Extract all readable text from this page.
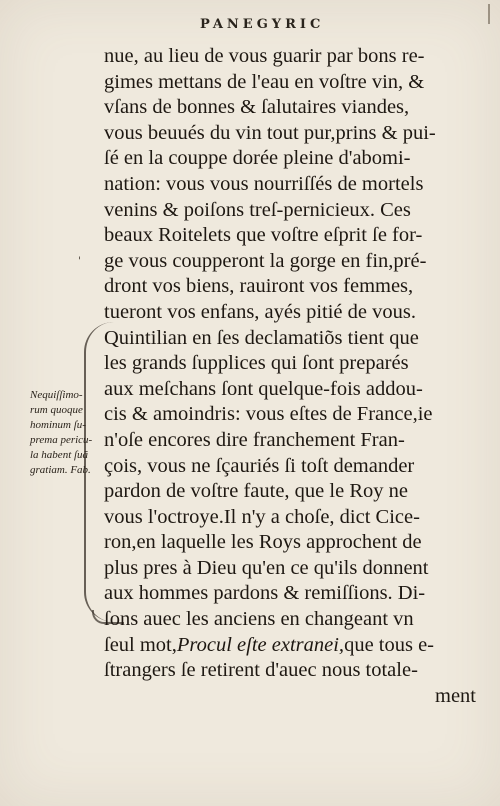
PANEGYRIC
'
Nequiſſimo-
rum quoque
hominum ſu-
prema pericu-
la habent ſuã
gratiam. Fab.
nue, au lieu de vous guarir par bons re-
gimes mettans de l'eau en voſtre vin, &
vſans de bonnes & ſalutaires viandes,
vous beuués du vin tout pur,prins & pui-
ſé en la couppe dorée pleine d'abomi-
nation: vous vous nourriſſés de mortels
venins & poiſons treſ-pernicieux. Ces
beaux Roitelets que voſtre eſprit ſe for-
ge vous coupperont la gorge en fin,pré-
dront vos biens, rauiront vos femmes,
tueront vos enfans, ayés pitié de vous.
Quintilian en ſes declamatiõs tient que
les grands ſupplices qui ſont preparés
aux meſchans ſont quelque-fois addou-
cis & amoindris: vous eſtes de France,ie
n'oſe encores dire franchement Fran-
çois, vous ne ſçauriés ſi toſt demander
pardon de voſtre faute, que le Roy ne
vous l'octroye.Il n'y a choſe, dict Cice-
ron,en laquelle les Roys approchent de
plus pres à Dieu qu'en ce qu'ils donnent
aux hommes pardons & remiſſions. Di-
ſons auec les anciens en changeant vn
ſeul mot,Procul eſte extranei,que tous e-
ſtrangers ſe retirent d'auec nous totale-
ment
